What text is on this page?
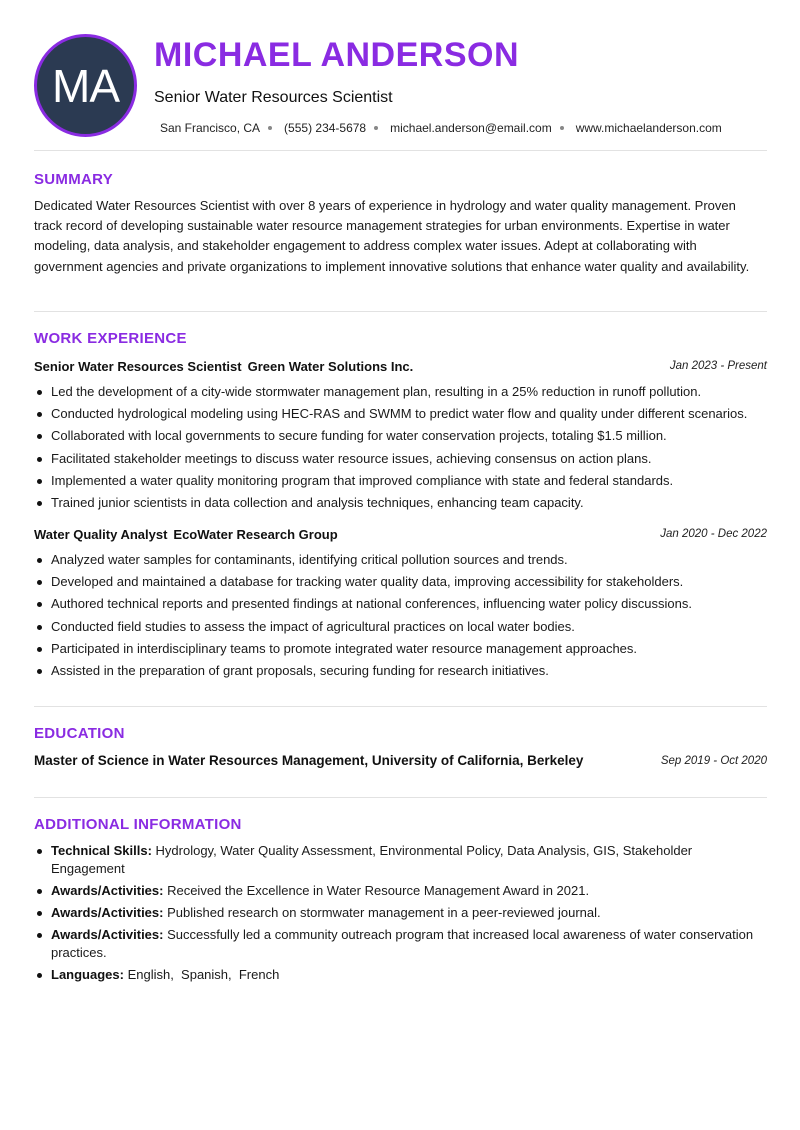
MA
MICHAEL ANDERSON
Senior Water Resources Scientist
San Francisco, CA (555) 234-5678 michael.anderson@email.com www.michaelanderson.com
SUMMARY
Dedicated Water Resources Scientist with over 8 years of experience in hydrology and water quality management. Proven track record of developing sustainable water resource management strategies for urban environments. Expertise in water modeling, data analysis, and stakeholder engagement to address complex water issues. Adept at collaborating with government agencies and private organizations to implement innovative solutions that enhance water quality and availability.
WORK EXPERIENCE
Senior Water Resources Scientist Green Water Solutions Inc.	Jan 2023 - Present
Led the development of a city-wide stormwater management plan, resulting in a 25% reduction in runoff pollution.
Conducted hydrological modeling using HEC-RAS and SWMM to predict water flow and quality under different scenarios.
Collaborated with local governments to secure funding for water conservation projects, totaling $1.5 million.
Facilitated stakeholder meetings to discuss water resource issues, achieving consensus on action plans.
Implemented a water quality monitoring program that improved compliance with state and federal standards.
Trained junior scientists in data collection and analysis techniques, enhancing team capacity.
Water Quality Analyst EcoWater Research Group	Jan 2020 - Dec 2022
Analyzed water samples for contaminants, identifying critical pollution sources and trends.
Developed and maintained a database for tracking water quality data, improving accessibility for stakeholders.
Authored technical reports and presented findings at national conferences, influencing water policy discussions.
Conducted field studies to assess the impact of agricultural practices on local water bodies.
Participated in interdisciplinary teams to promote integrated water resource management approaches.
Assisted in the preparation of grant proposals, securing funding for research initiatives.
EDUCATION
Master of Science in Water Resources Management, University of California, Berkeley	Sep 2019 - Oct 2020
ADDITIONAL INFORMATION
Technical Skills: Hydrology, Water Quality Assessment, Environmental Policy, Data Analysis, GIS, Stakeholder Engagement
Awards/Activities: Received the Excellence in Water Resource Management Award in 2021.
Awards/Activities: Published research on stormwater management in a peer-reviewed journal.
Awards/Activities: Successfully led a community outreach program that increased local awareness of water conservation practices.
Languages: English,  Spanish,  French
